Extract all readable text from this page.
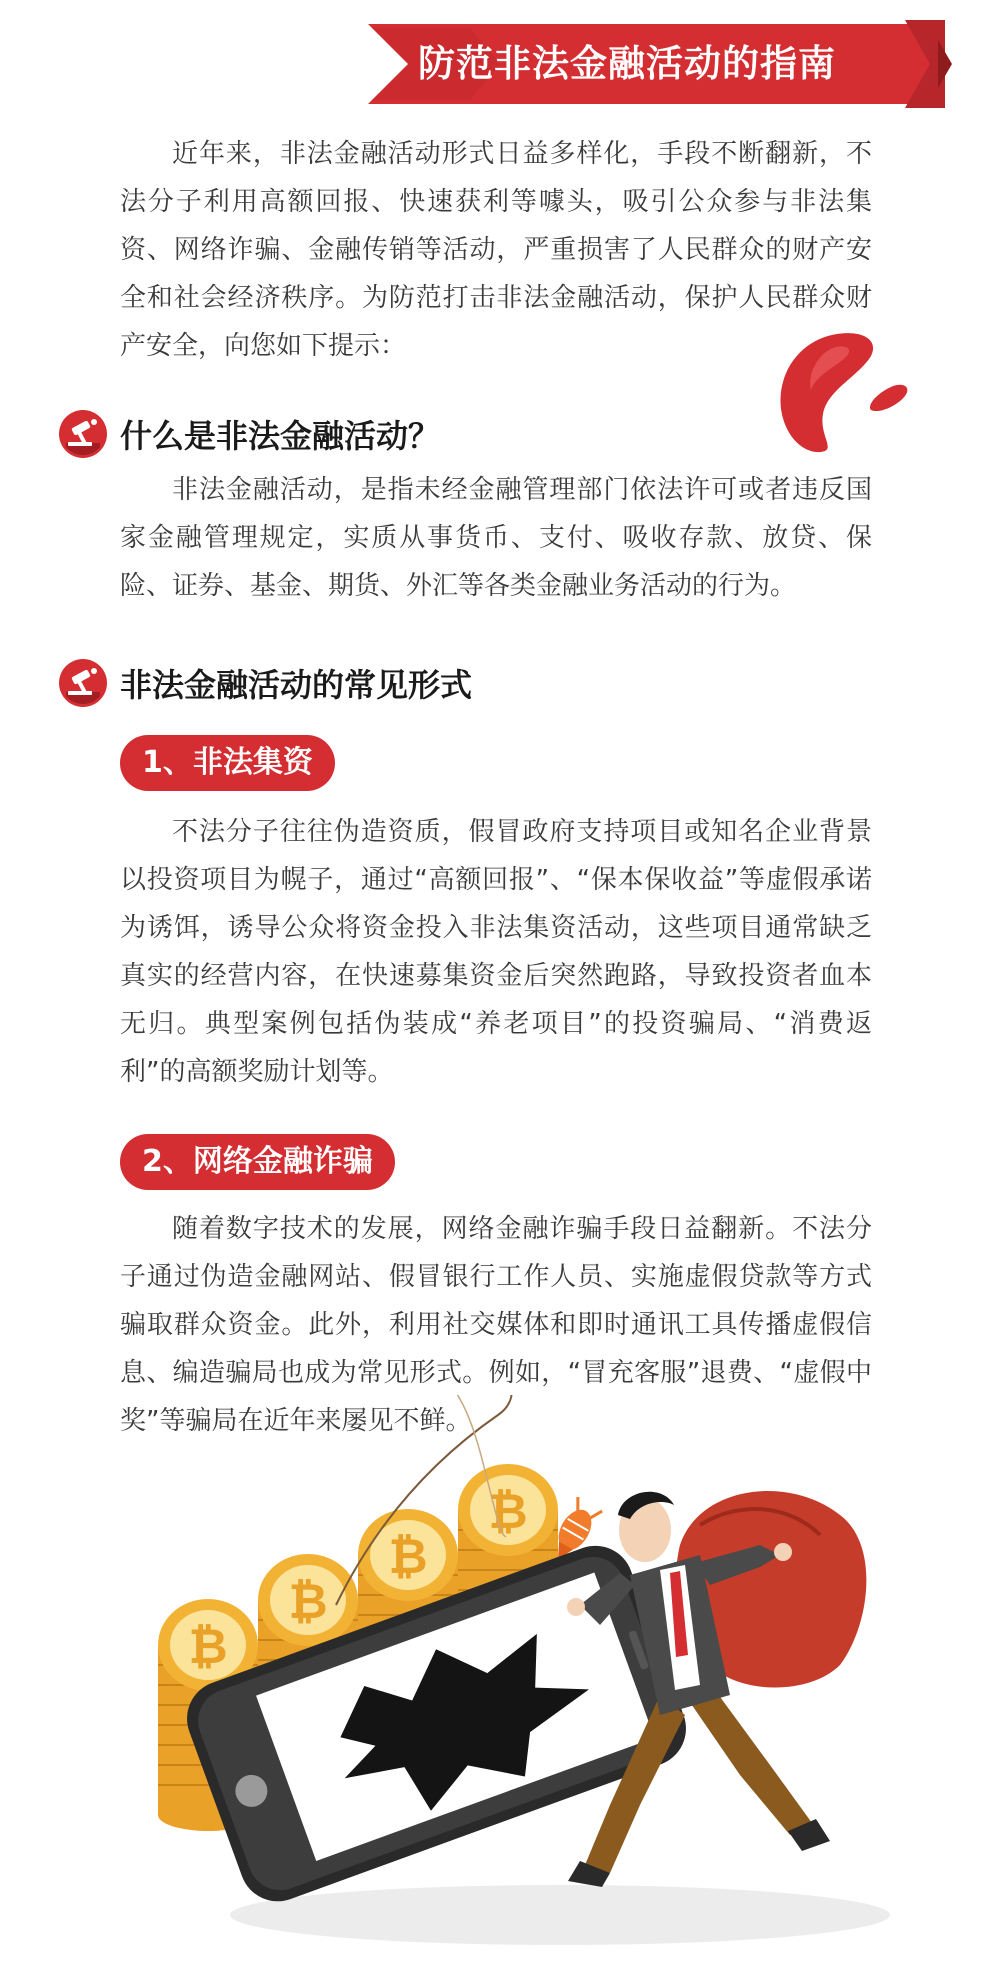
防范非法金融活动的指南

近年来，非法金融活动形式日益多样化，手段不断翻新，不法分子利用高额回报、快速获利等噱头，吸引公众参与非法集资、网络诈骗、金融传销等活动，严重损害了人民群众的财产安全和社会经济秩序。为防范打击非法金融活动，保护人民群众财产安全，向您如下提示：

什么是非法金融活动？

非法金融活动，是指未经金融管理部门依法许可或者违反国家金融管理规定，实质从事货币、支付、吸收存款、放贷、保险、证券、基金、期货、外汇等各类金融业务活动的行为。

非法金融活动的常见形式
1、非法集资

不法分子往往伪造资质，假冒政府支持项目或知名企业背景以投资项目为幌子，通过“高额回报”、“保本保收益”等虚假承诺为诱饵，诱导公众将资金投入非法集资活动，这些项目通常缺乏真实的经营内容，在快速募集资金后突然跑路，导致投资者血本无归。典型案例包括伪装成“养老项目”的投资骗局、“消费返利”的高额奖励计划等。

2、网络金融诈骗

随着数字技术的发展，网络金融诈骗手段日益翻新。不法分子通过伪造金融网站、假冒银行工作人员、实施虚假贷款等方式骗取群众资金。此外，利用社交媒体和即时通讯工具传播虚假信息、编造骗局也成为常见形式。例如，“冒充客服”退费、“虚假中奖”等骗局在近年来屡见不鲜。

₿
₿
₿
₿
